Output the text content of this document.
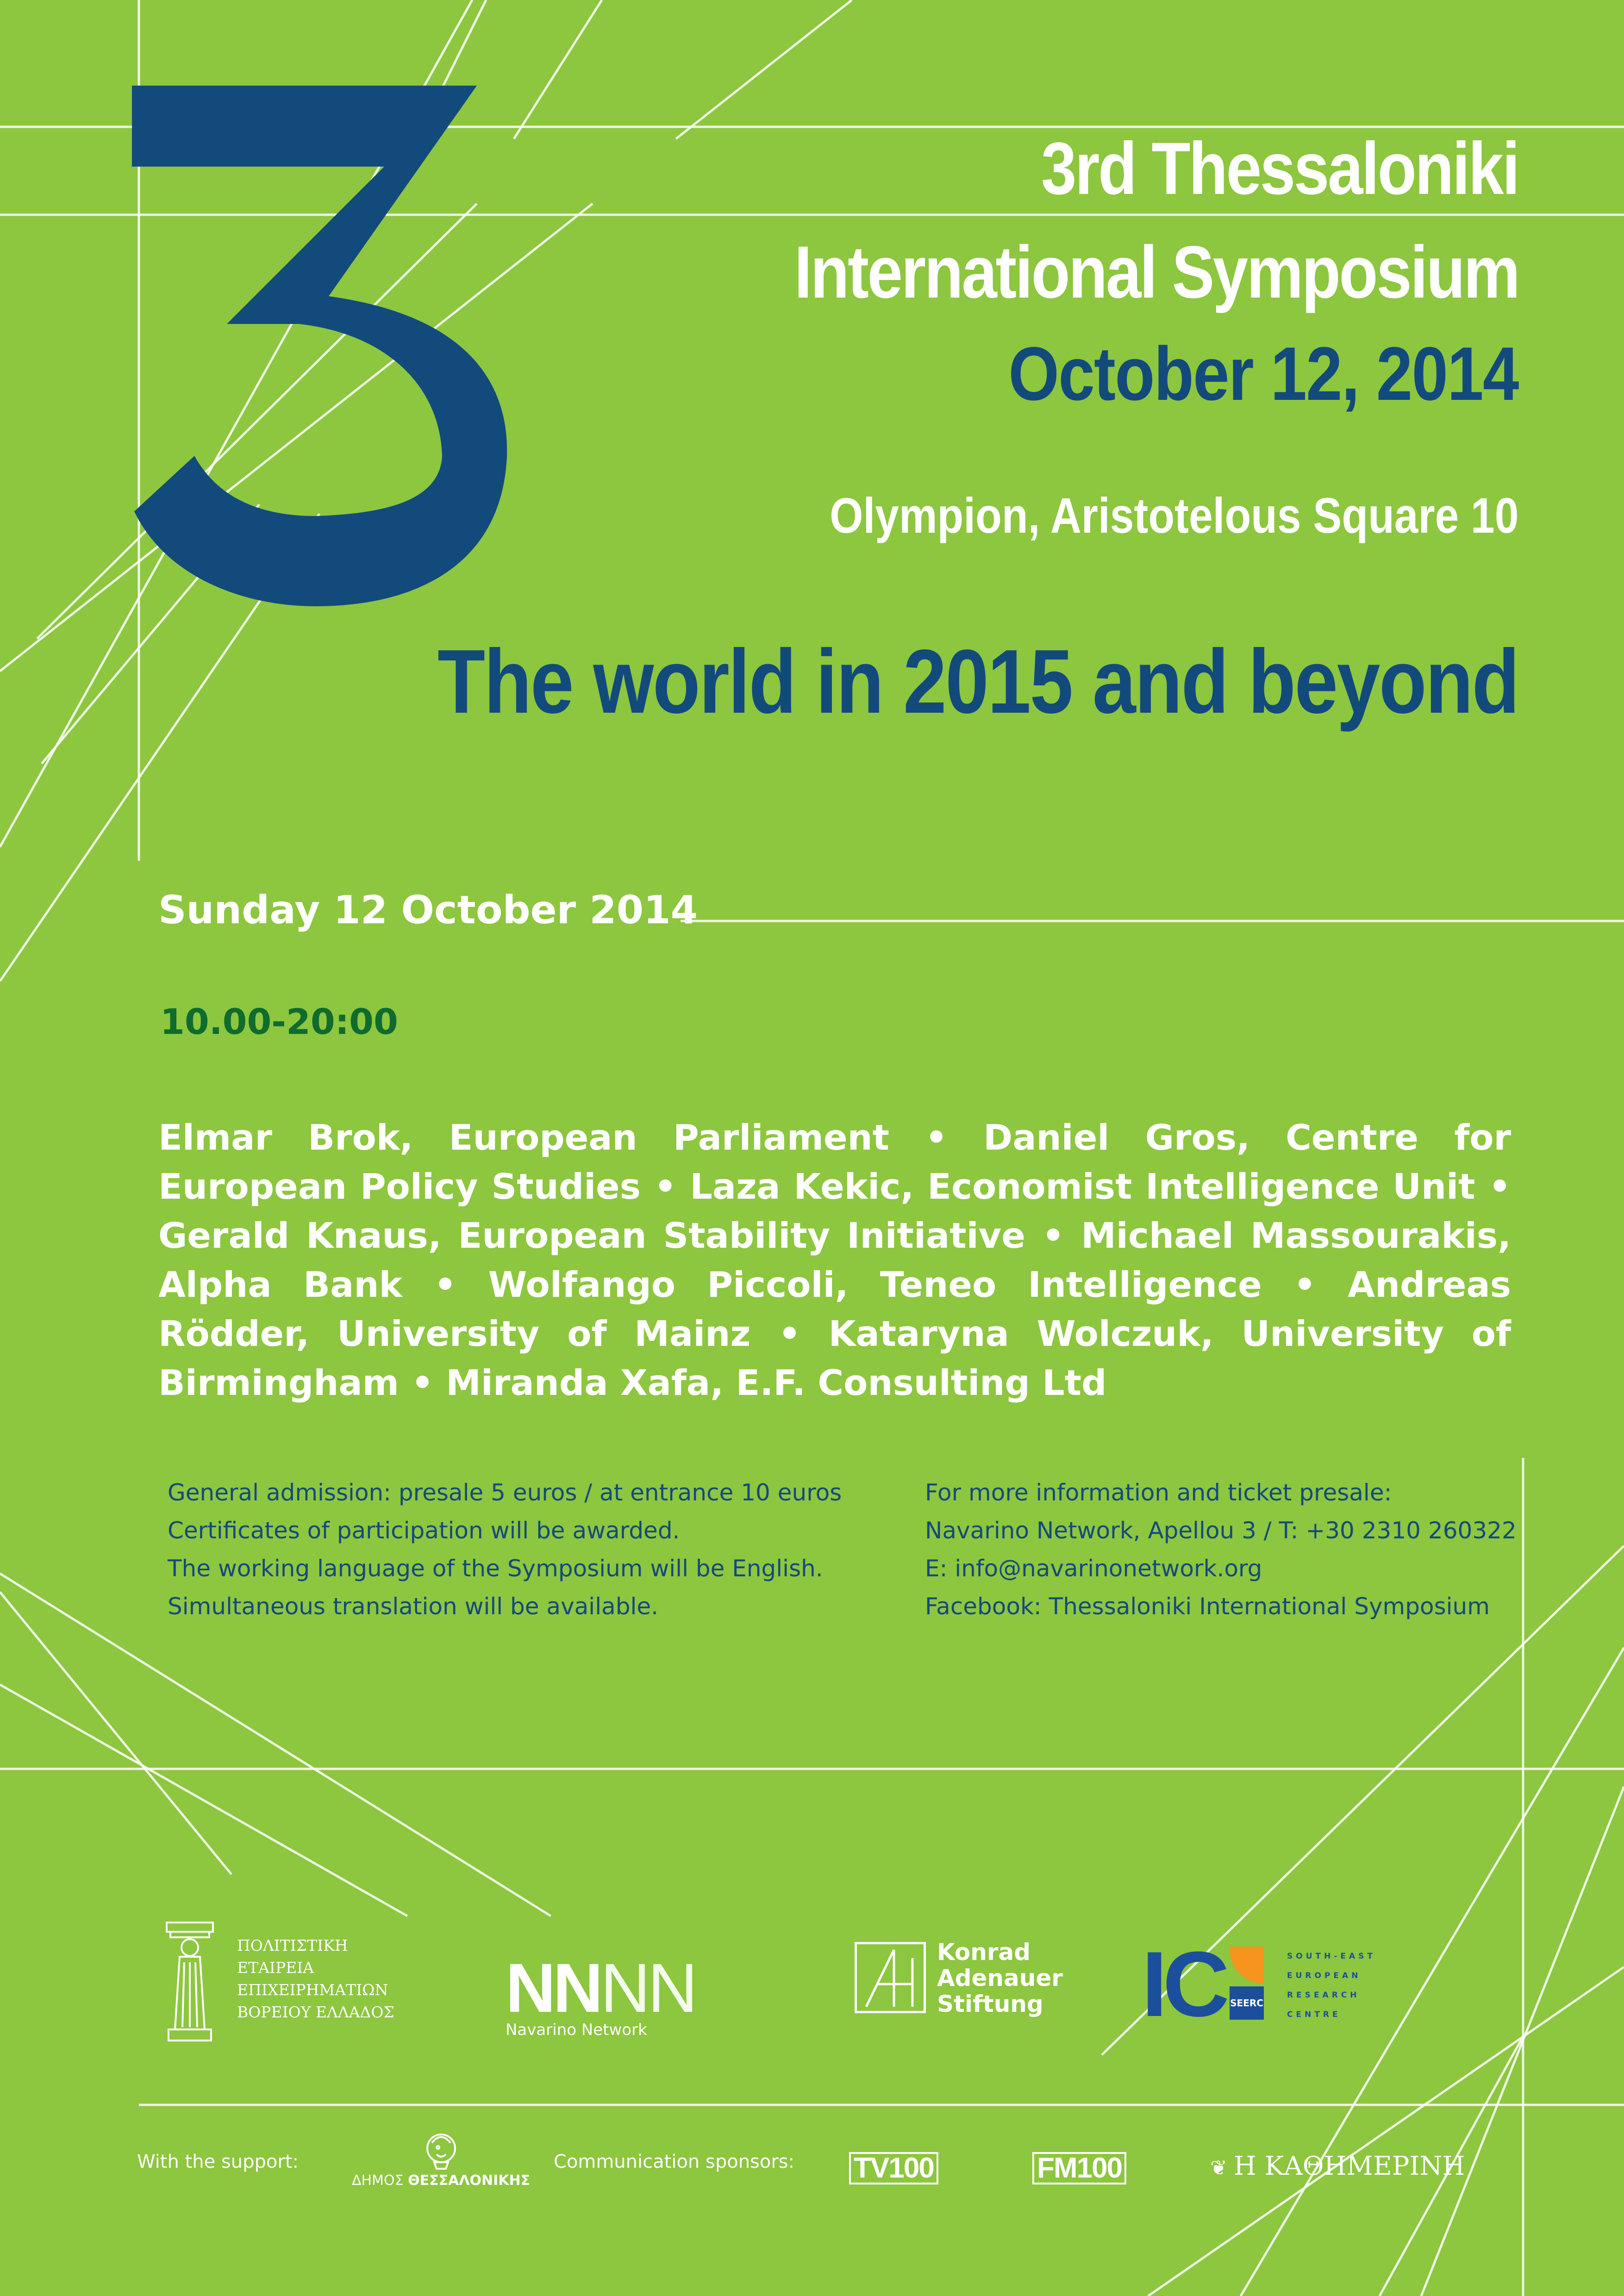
3rd Thessaloniki
International Symposium
October 12, 2014
Olympion, Aristotelous Square 10
The world in 2015 and beyond
Sunday 12 October 2014
10.00-20:00
Elmar Brok, European Parliament • Daniel Gros, Centre for European Policy Studies • Laza Kekic, Economist Intelligence Unit • Gerald Knaus, European Stability Initiative • Michael Massourakis, Alpha Bank • Wolfango Piccoli, Teneo Intelligence • Andreas Rödder, University of Mainz • Kataryna Wolczuk, University of Birmingham • Miranda Xafa, E.F. Consulting Ltd

General admission: presale 5 euros / at entrance 10 euros

Certificates of participation will be awarded.

The working language of the Symposium will be English.

Simultaneous translation will be available.

For more information and ticket presale:

Navarino Network, Apellou 3 / T: +30 2310 260322

E: info@navarinonetwork.org

Facebook: Thessaloniki International Symposium

ΠΟΛΙΤΙΣΤΙΚΗ

ΕΤΑΙΡΕΙΑ

ΕΠΙΧΕΙΡΗΜΑΤΙΩΝ

ΒΟΡΕΙΟΥ ΕΛΛΑΔΟΣ NNNN
Navarino Network

Konrad

Adenauer

Stiftung IC SEERC

SOUTH-EAST

EUROPEAN

RESEARCH

CENTRE

With the support:
ΔΗΜΟΣ ΘΕΣΣΑΛΟΝΙΚΗΣ
Communication sponsors: TV100	FM100	❦ Η ΚΑΘΗΜΕΡΙΝΗ
